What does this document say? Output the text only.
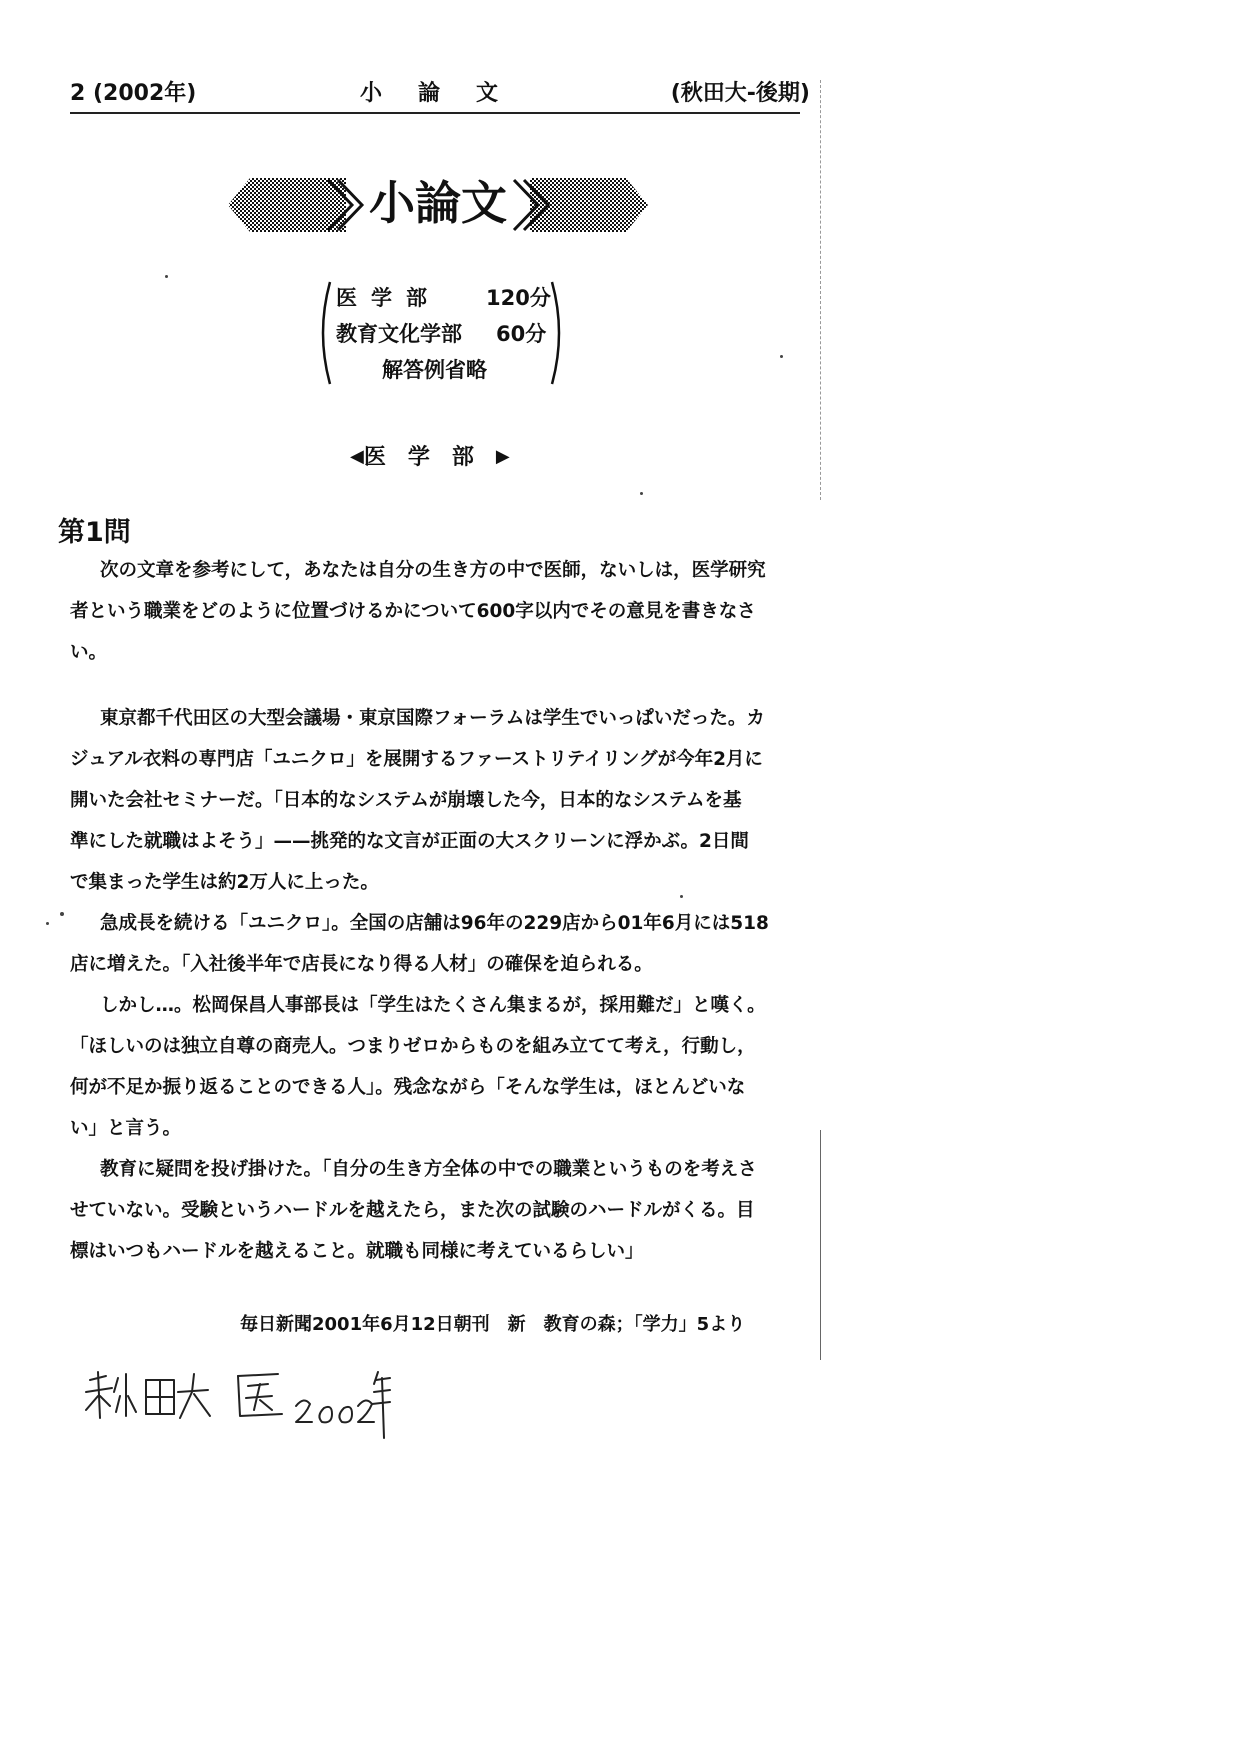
2 (2002年)	小論文	(秋田大-後期)
小論文
医学部 120分
教育文化学部 60分
解答例省略
◀医学部▶
第1問
次の文章を参考にして，あなたは自分の生き方の中で医師，ないしは，医学研究
者という職業をどのように位置づけるかについて600字以内でその意見を書きなさ
い。
東京都千代田区の大型会議場・東京国際フォーラムは学生でいっぱいだった。カ
ジュアル衣料の専門店「ユニクロ」を展開するファーストリテイリングが今年2月に
開いた会社セミナーだ。「日本的なシステムが崩壊した今，日本的なシステムを基
準にした就職はよそう」——挑発的な文言が正面の大スクリーンに浮かぶ。2日間
で集まった学生は約2万人に上った。
急成長を続ける「ユニクロ」。全国の店舗は96年の229店から01年6月には518
店に増えた。「入社後半年で店長になり得る人材」の確保を迫られる。
しかし…。松岡保昌人事部長は「学生はたくさん集まるが，採用難だ」と嘆く。
「ほしいのは独立自尊の商売人。つまりゼロからものを組み立てて考え，行動し，
何が不足か振り返ることのできる人」。残念ながら「そんな学生は，ほとんどいな
い」と言う。
教育に疑問を投げ掛けた。「自分の生き方全体の中での職業というものを考えさ
せていない。受験というハードルを越えたら，また次の試験のハードルがくる。目
標はいつもハードルを越えること。就職も同様に考えているらしい」
毎日新聞2001年6月12日朝刊　新　教育の森；「学力」5より
